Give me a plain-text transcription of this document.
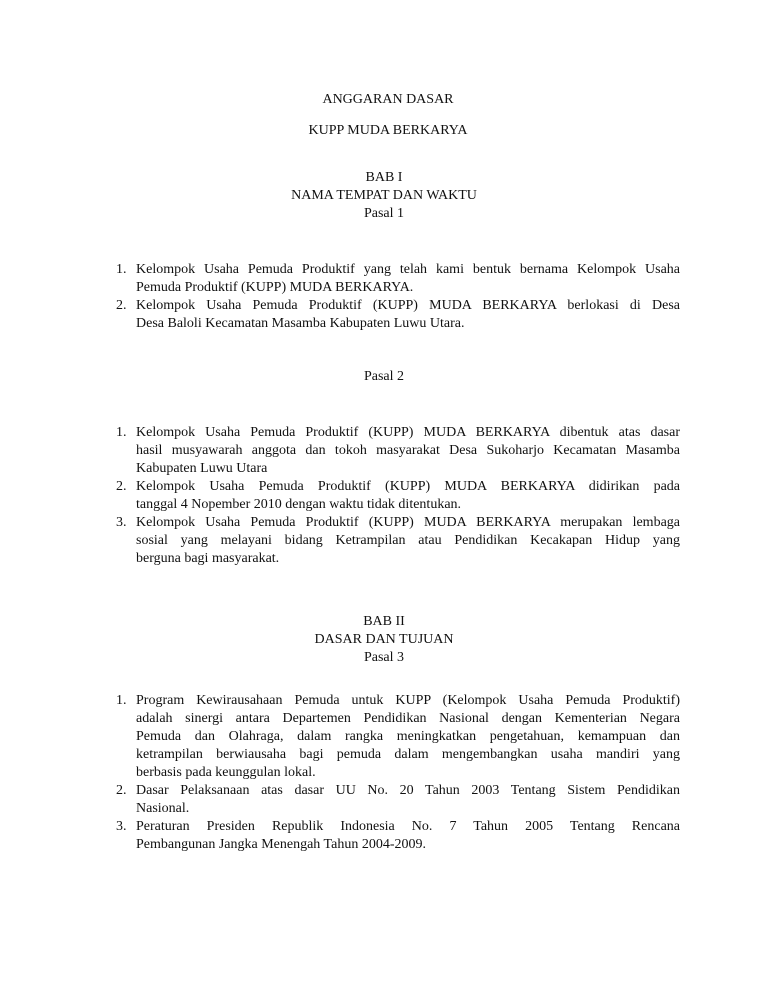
ANGGARAN DASAR
KUPP MUDA BERKARYA
BAB I
NAMA TEMPAT DAN WAKTU
Pasal 1
1. Kelompok Usaha Pemuda Produktif yang telah kami bentuk bernama Kelompok Usaha
Pemuda Produktif (KUPP) MUDA BERKARYA.
2. Kelompok Usaha Pemuda Produktif (KUPP) MUDA BERKARYA berlokasi di Desa
Desa Baloli Kecamatan Masamba Kabupaten Luwu Utara.
Pasal 2
1. Kelompok Usaha Pemuda Produktif (KUPP) MUDA BERKARYA dibentuk atas dasar
hasil musyawarah anggota dan tokoh masyarakat Desa Sukoharjo Kecamatan Masamba
Kabupaten Luwu Utara
2. Kelompok Usaha Pemuda Produktif (KUPP) MUDA BERKARYA didirikan pada
tanggal 4 Nopember 2010 dengan waktu tidak ditentukan.
3. Kelompok Usaha Pemuda Produktif (KUPP) MUDA BERKARYA merupakan lembaga
sosial yang melayani bidang Ketrampilan atau Pendidikan Kecakapan Hidup yang
berguna bagi masyarakat.
BAB II
DASAR DAN TUJUAN
Pasal 3
1. Program Kewirausahaan Pemuda untuk KUPP (Kelompok Usaha Pemuda Produktif)
adalah sinergi antara Departemen Pendidikan Nasional dengan Kementerian Negara
Pemuda dan Olahraga, dalam rangka meningkatkan pengetahuan, kemampuan dan
ketrampilan berwiausaha bagi pemuda dalam mengembangkan usaha mandiri yang
berbasis pada keunggulan lokal.
2. Dasar Pelaksanaan atas dasar UU No. 20 Tahun 2003 Tentang Sistem Pendidikan
Nasional.
3. Peraturan Presiden Republik Indonesia No. 7 Tahun 2005 Tentang Rencana
Pembangunan Jangka Menengah Tahun 2004-2009.
